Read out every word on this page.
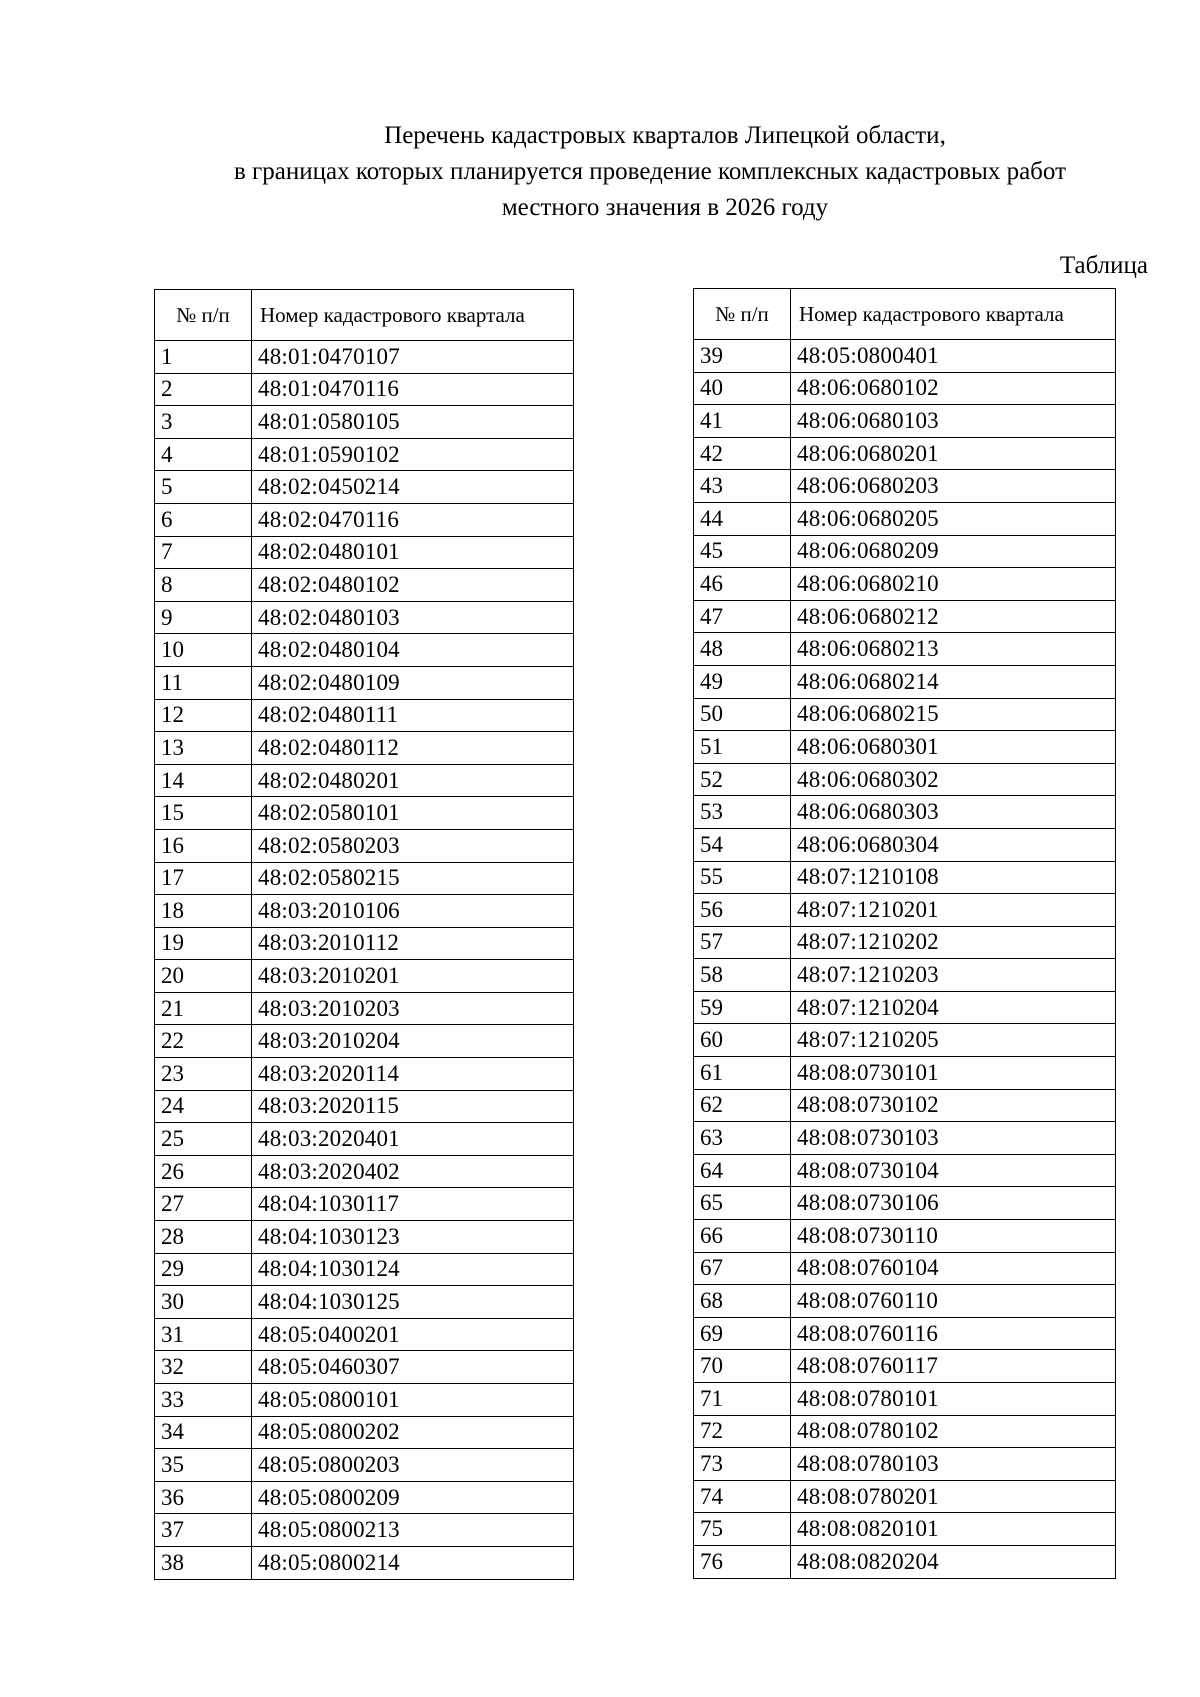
Перечень кадастровых кварталов Липецкой области,
в границах которых планируется проведение комплексных кадастровых работ
местного значения в 2026 году
Таблица
№ п/п	Номер кадастрового квартала
1	48:01:0470107
2	48:01:0470116
3	48:01:0580105
4	48:01:0590102
5	48:02:0450214
6	48:02:0470116
7	48:02:0480101
8	48:02:0480102
9	48:02:0480103
10	48:02:0480104
11	48:02:0480109
12	48:02:0480111
13	48:02:0480112
14	48:02:0480201
15	48:02:0580101
16	48:02:0580203
17	48:02:0580215
18	48:03:2010106
19	48:03:2010112
20	48:03:2010201
21	48:03:2010203
22	48:03:2010204
23	48:03:2020114
24	48:03:2020115
25	48:03:2020401
26	48:03:2020402
27	48:04:1030117
28	48:04:1030123
29	48:04:1030124
30	48:04:1030125
31	48:05:0400201
32	48:05:0460307
33	48:05:0800101
34	48:05:0800202
35	48:05:0800203
36	48:05:0800209
37	48:05:0800213
38	48:05:0800214
№ п/п	Номер кадастрового квартала
39	48:05:0800401
40	48:06:0680102
41	48:06:0680103
42	48:06:0680201
43	48:06:0680203
44	48:06:0680205
45	48:06:0680209
46	48:06:0680210
47	48:06:0680212
48	48:06:0680213
49	48:06:0680214
50	48:06:0680215
51	48:06:0680301
52	48:06:0680302
53	48:06:0680303
54	48:06:0680304
55	48:07:1210108
56	48:07:1210201
57	48:07:1210202
58	48:07:1210203
59	48:07:1210204
60	48:07:1210205
61	48:08:0730101
62	48:08:0730102
63	48:08:0730103
64	48:08:0730104
65	48:08:0730106
66	48:08:0730110
67	48:08:0760104
68	48:08:0760110
69	48:08:0760116
70	48:08:0760117
71	48:08:0780101
72	48:08:0780102
73	48:08:0780103
74	48:08:0780201
75	48:08:0820101
76	48:08:0820204
